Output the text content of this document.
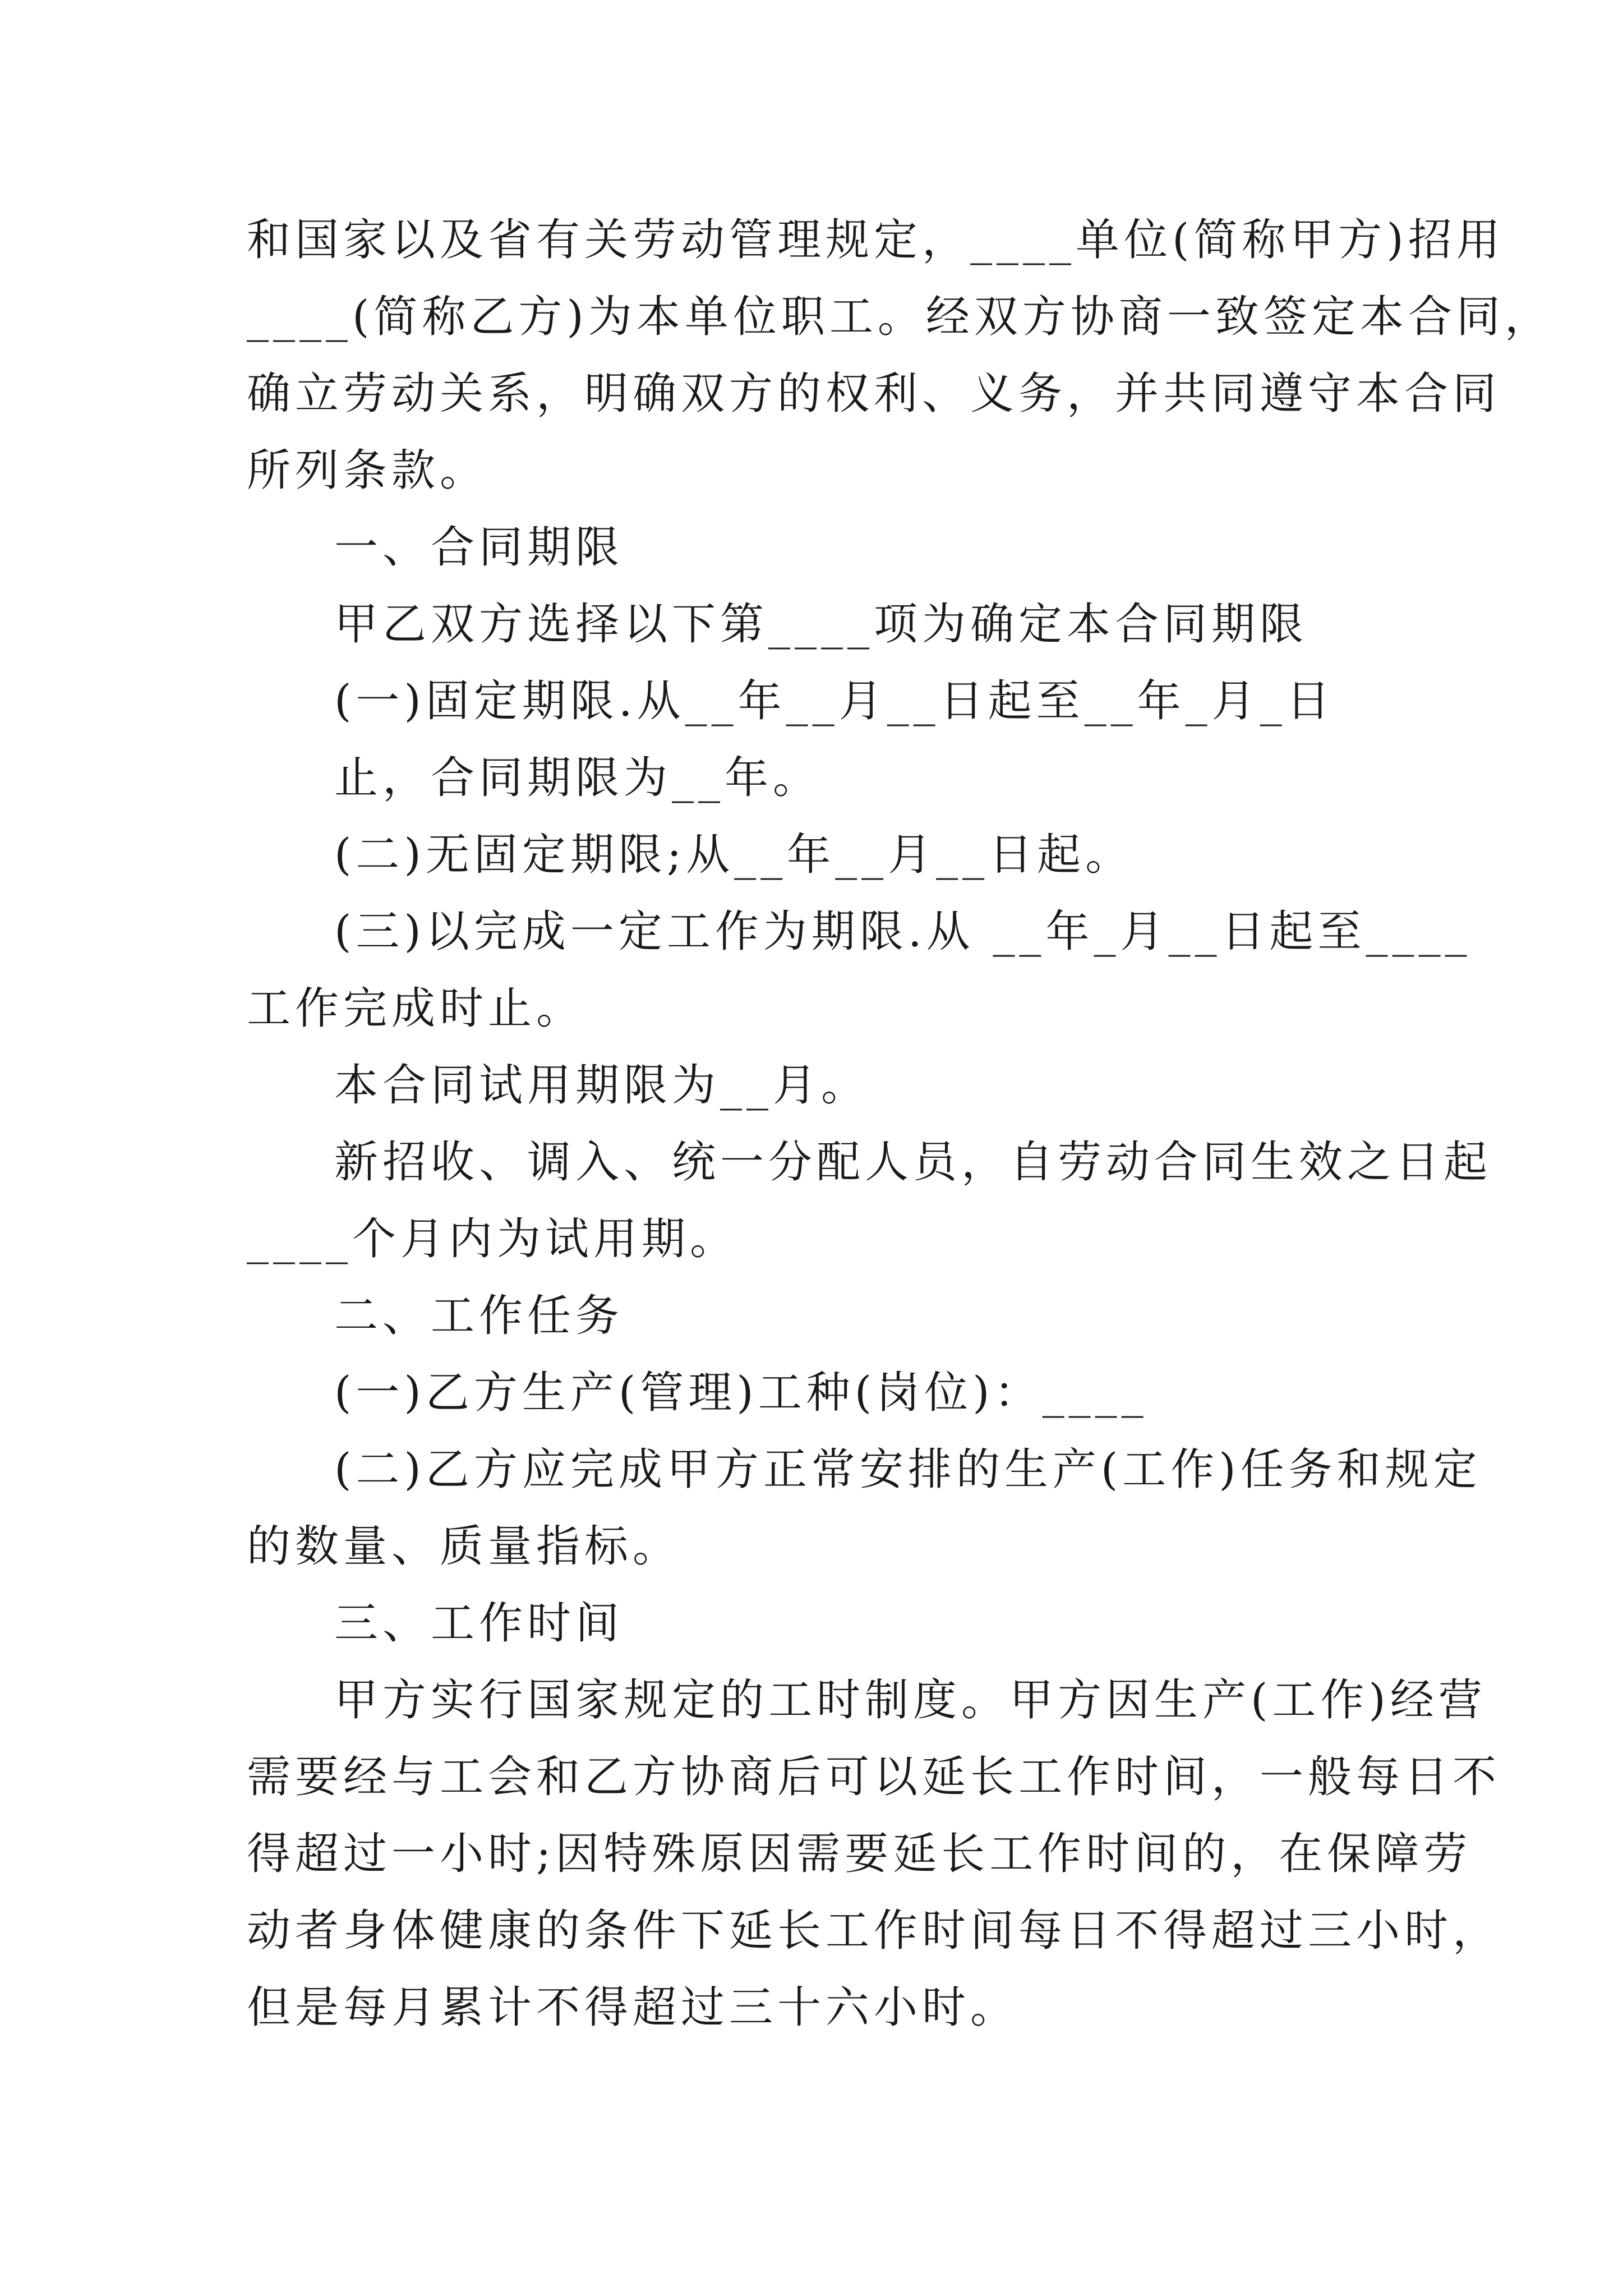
和国家以及省有关劳动管理规定，____单位(简称甲方)招用
____(简称乙方)为本单位职工。经双方协商一致签定本合同，
确立劳动关系，明确双方的权利、义务，并共同遵守本合同
所列条款。
一、合同期限
甲乙双方选择以下第____项为确定本合同期限
(一)固定期限.从__年__月__日起至__年_月_日
止，合同期限为__年。
(二)无固定期限;从__年__月__日起。
(三)以完成一定工作为期限.从 __年_月__日起至____
工作完成时止。
本合同试用期限为__月。
新招收、调入、统一分配人员，自劳动合同生效之日起
____个月内为试用期。
二、工作任务
(一)乙方生产(管理)工种(岗位)：____
(二)乙方应完成甲方正常安排的生产(工作)任务和规定
的数量、质量指标。
三、工作时间
甲方实行国家规定的工时制度。甲方因生产(工作)经营
需要经与工会和乙方协商后可以延长工作时间，一般每日不
得超过一小时;因特殊原因需要延长工作时间的，在保障劳
动者身体健康的条件下延长工作时间每日不得超过三小时，
但是每月累计不得超过三十六小时。
